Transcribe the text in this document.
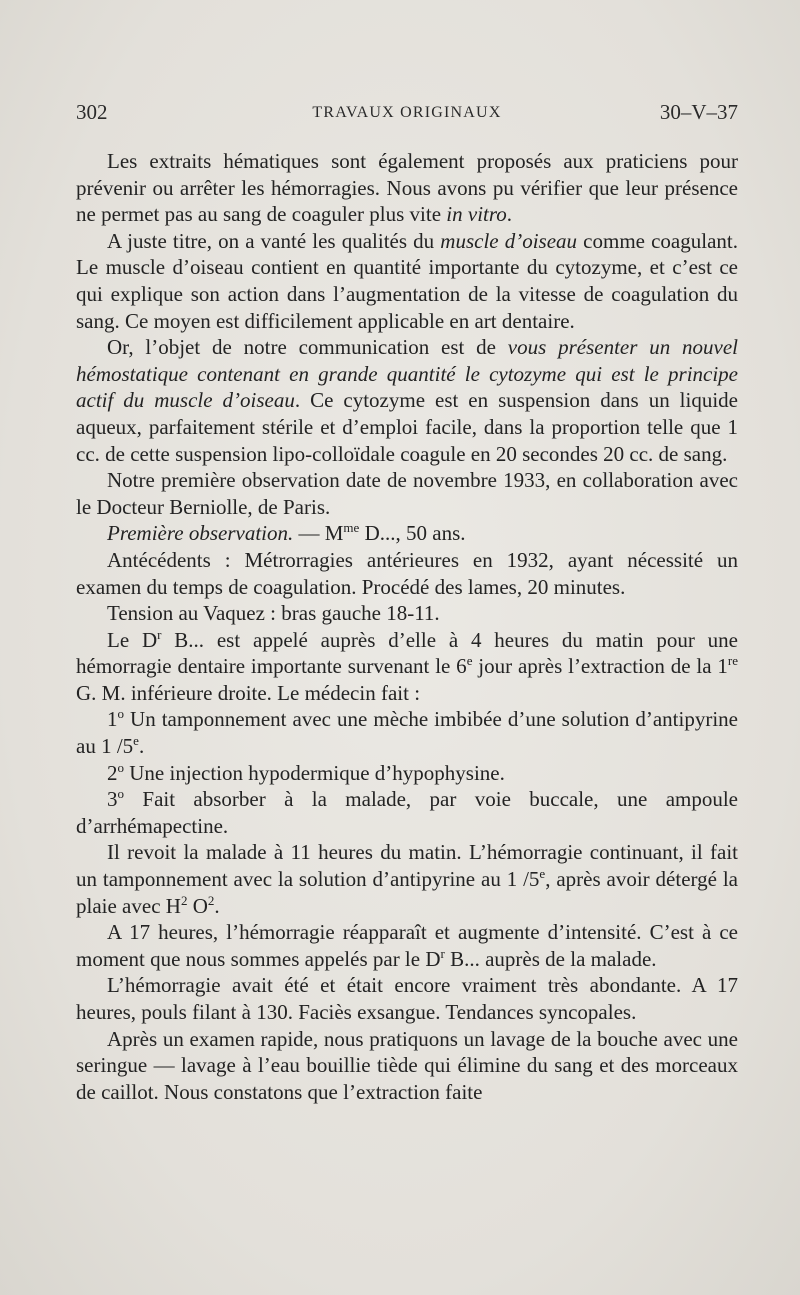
302	TRAVAUX ORIGINAUX	30–V–37

Les extraits hématiques sont également proposés aux praticiens pour prévenir ou arrêter les hémorragies. Nous avons pu vérifier que leur présence ne permet pas au sang de coaguler plus vite in vitro.

A juste titre, on a vanté les qualités du muscle d’oiseau comme coagulant. Le muscle d’oiseau contient en quantité importante du cytozyme, et c’est ce qui explique son action dans l’augmentation de la vitesse de coagulation du sang. Ce moyen est difficilement applicable en art dentaire.

Or, l’objet de notre communication est de vous présenter un nouvel hémostatique contenant en grande quantité le cytozyme qui est le principe actif du muscle d’oiseau. Ce cytozyme est en suspension dans un liquide aqueux, parfaitement stérile et d’emploi facile, dans la proportion telle que 1 cc. de cette suspension lipo-colloïdale coagule en 20 secondes 20 cc. de sang.

Notre première observation date de novembre 1933, en collaboration avec le Docteur Berniolle, de Paris.

Première observation. — $M^{me}$ D..., 50 ans.

Antécédents : Métrorragies antérieures en 1932, ayant nécessité un examen du temps de coagulation. Procédé des lames, 20 minutes.

Tension au Vaquez : bras gauche 18-11.

Le $D^r$ B... est appelé auprès d’elle à 4 heures du matin pour une hémorragie dentaire importante survenant le 6e jour après l’extraction de la 1re G. M. inférieure droite. Le médecin fait :

1$^o$ Un tamponnement avec une mèche imbibée d’une solution d’antipyrine au 1 /5e.

2$^o$ Une injection hypodermique d’hypophysine.

3$^o$ Fait absorber à la malade, par voie buccale, une ampoule d’arrhémapectine.

Il revoit la malade à 11 heures du matin. L’hémorragie continuant, il fait un tamponnement avec la solution d’antipyrine au 1 /5e, après avoir détergé la plaie avec $H^2$ $O^2$.

A 17 heures, l’hémorragie réapparaît et augmente d’intensité. C’est à ce moment que nous sommes appelés par le $D^r$ B... auprès de la malade.

L’hémorragie avait été et était encore vraiment très abondante. A 17 heures, pouls filant à 130. Faciès exsangue. Tendances syncopales.

Après un examen rapide, nous pratiquons un lavage de la bouche avec une seringue — lavage à l’eau bouillie tiède qui élimine du sang et des morceaux de caillot. Nous constatons que l’extraction faite
